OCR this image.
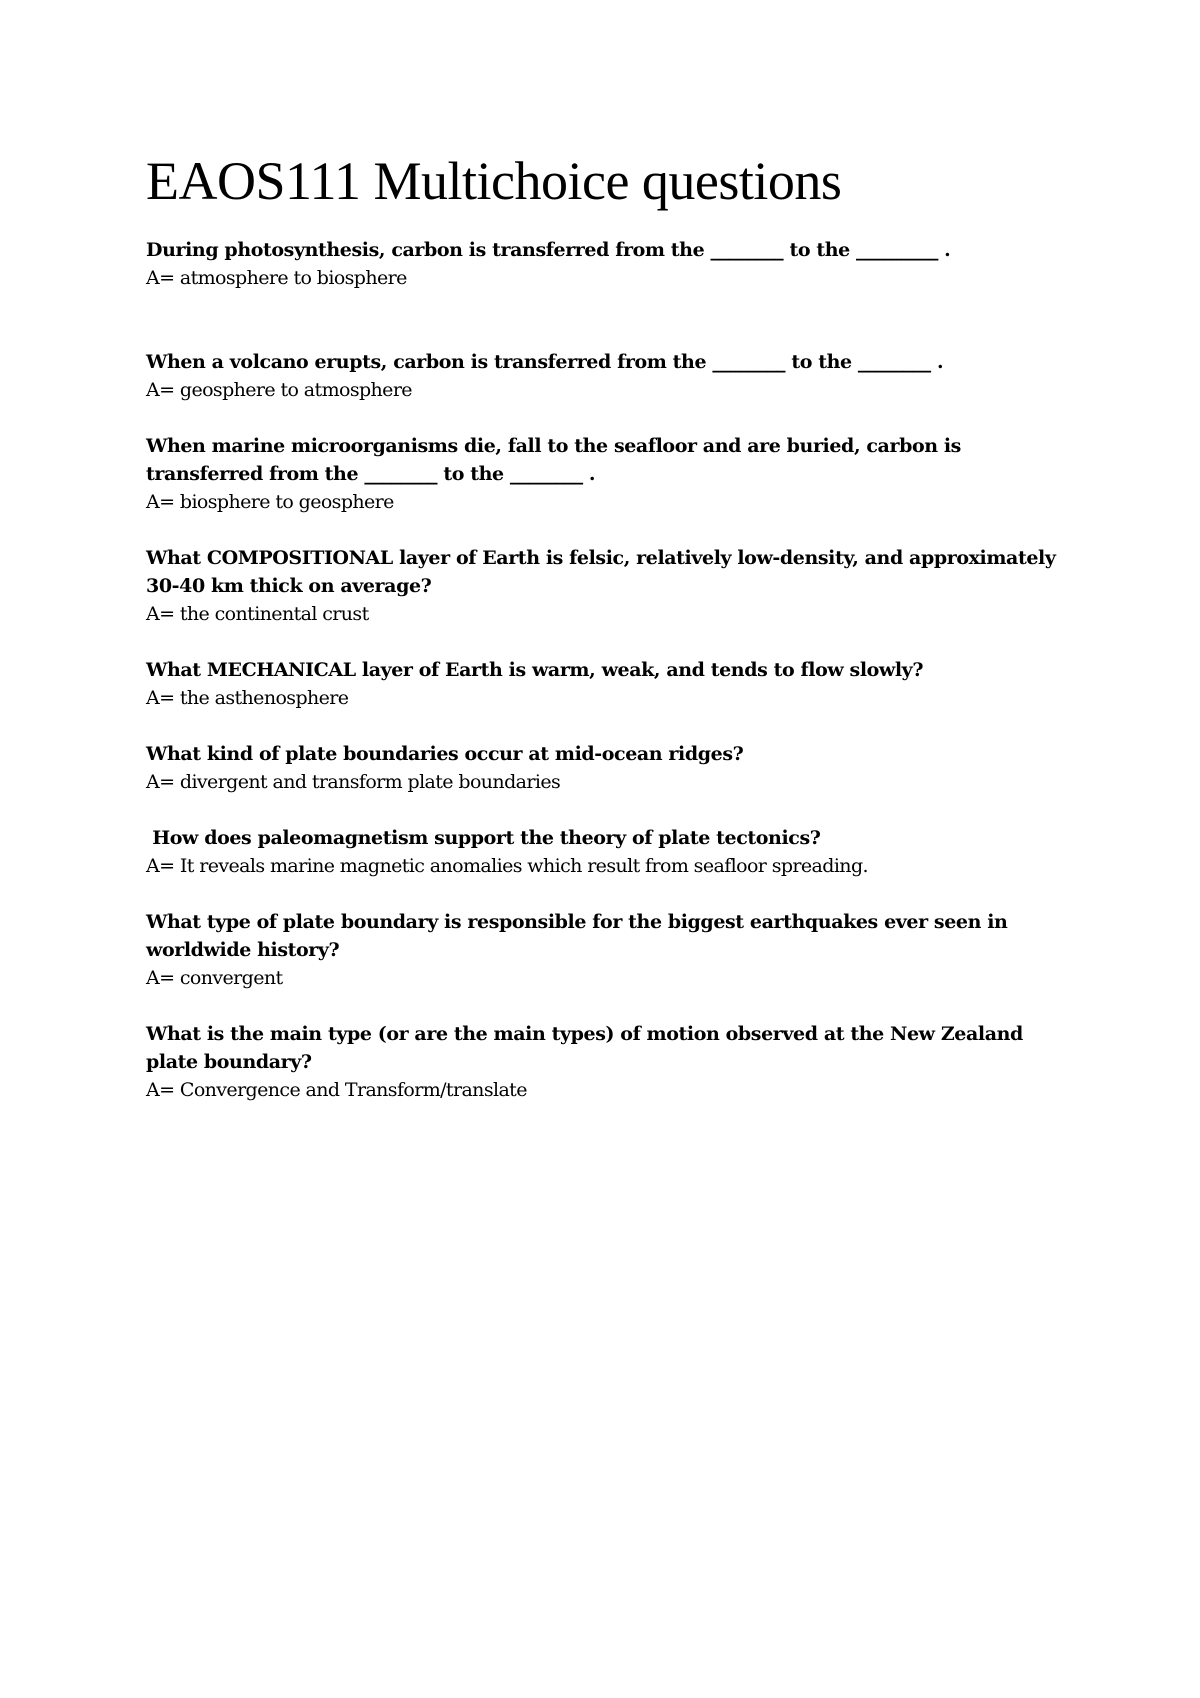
EAOS111 Multichoice questions

During photosynthesis, carbon is transferred from the ________ to the _________ .

A= atmosphere to biosphere

When a volcano erupts, carbon is transferred from the ________ to the ________ .

A= geosphere to atmosphere

When marine microorganisms die, fall to the seafloor and are buried, carbon is transferred from the ________ to the ________ .

A= biosphere to geosphere

What COMPOSITIONAL layer of Earth is felsic, relatively low-density, and approximately 30-40 km thick on average?

A= the continental crust

What MECHANICAL layer of Earth is warm, weak, and tends to flow slowly?

A= the asthenosphere

What kind of plate boundaries occur at mid-ocean ridges?

A= divergent and transform plate boundaries

How does paleomagnetism support the theory of plate tectonics?

A= It reveals marine magnetic anomalies which result from seafloor spreading.

What type of plate boundary is responsible for the biggest earthquakes ever seen in worldwide history?

A= convergent

What is the main type (or are the main types) of motion observed at the New Zealand plate boundary?

A= Convergence and Transform/translate
